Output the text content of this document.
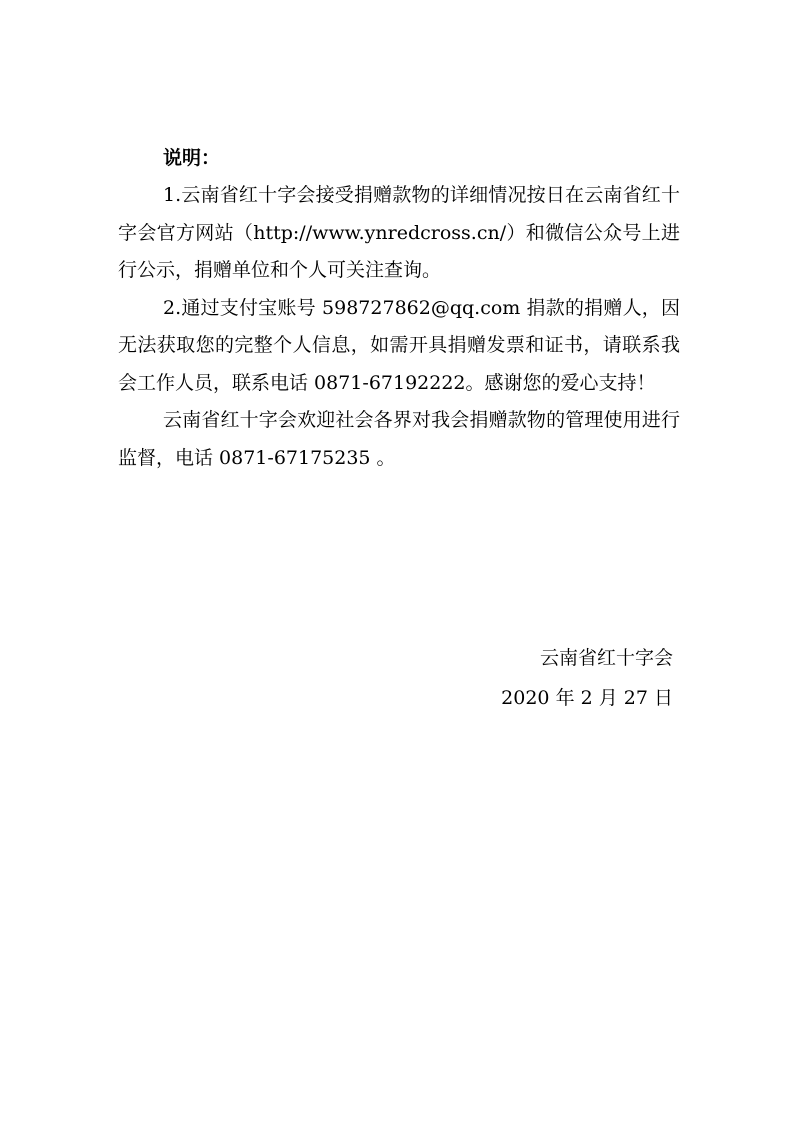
说明：

1.云南省红十字会接受捐赠款物的详细情况按日在云南省红十字会官方网站（http://www.ynredcross.cn/）和微信公众号上进行公示，捐赠单位和个人可关注查询。

2.通过支付宝账号 598727862@qq.com 捐款的捐赠人，因无法获取您的完整个人信息，如需开具捐赠发票和证书，请联系我会工作人员，联系电话 0871-67192222。感谢您的爱心支持！

云南省红十字会欢迎社会各界对我会捐赠款物的管理使用进行监督，电话 0871-67175235 。

云南省红十字会
2020 年 2 月 27 日
